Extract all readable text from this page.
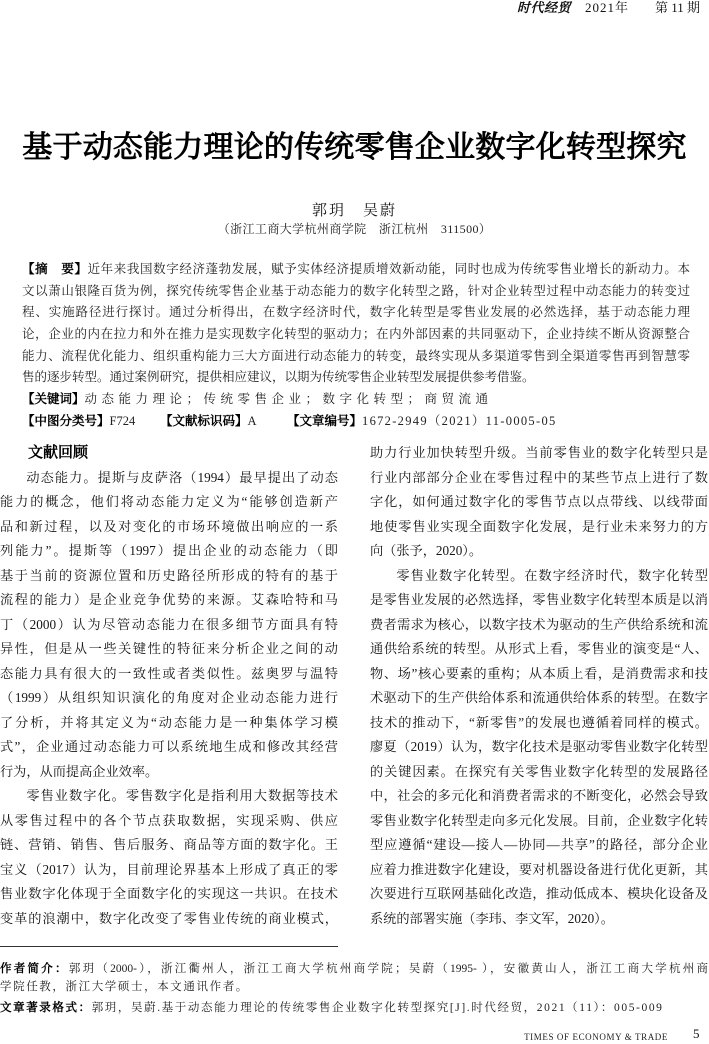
时代经贸 2021年 第 11 期
基于动态能力理论的传统零售企业数字化转型探究
郭玥　吴蔚
（浙江工商大学杭州商学院　浙江杭州　311500）
【摘　要】近年来我国数字经济蓬勃发展，赋予实体经济提质增效新动能，同时也成为传统零售业增长的新动力。本
文以萧山银隆百货为例，探究传统零售企业基于动态能力的数字化转型之路，针对企业转型过程中动态能力的转变过
程、实施路径进行探讨。通过分析得出，在数字经济时代，数字化转型是零售业发展的必然选择，基于动态能力理
论，企业的内在拉力和外在推力是实现数字化转型的驱动力；在内外部因素的共同驱动下，企业持续不断从资源整合
能力、流程优化能力、组织重构能力三大方面进行动态能力的转变，最终实现从多渠道零售到全渠道零售再到智慧零
售的逐步转型。通过案例研究，提供相应建议，以期为传统零售企业转型发展提供参考借鉴。
【关键词】动态能力理论；传统零售企业；数字化转型；商贸流通
【中图分类号】F724 【文献标识码】A 【文章编号】1672-2949（2021）11-0005-05
文献回顾
动态能力。提斯与皮萨洛（1994）最早提出了动态
能力的概念，他们将动态能力定义为“能够创造新产
品和新过程，以及对变化的市场环境做出响应的一系
列能力”。提斯等（1997）提出企业的动态能力（即
基于当前的资源位置和历史路径所形成的特有的基于
流程的能力）是企业竞争优势的来源。艾森哈特和马
丁（2000）认为尽管动态能力在很多细节方面具有特
异性，但是从一些关键性的特征来分析企业之间的动
态能力具有很大的一致性或者类似性。兹奥罗与温特
（1999）从组织知识演化的角度对企业动态能力进行
了分析，并将其定义为“动态能力是一种集体学习模
式”，企业通过动态能力可以系统地生成和修改其经营
行为，从而提高企业效率。
零售业数字化。零售数字化是指利用大数据等技术
从零售过程中的各个节点获取数据，实现采购、供应
链、营销、销售、售后服务、商品等方面的数字化。王
宝义（2017）认为，目前理论界基本上形成了真正的零
售业数字化体现于全面数字化的实现这一共识。在技术
变革的浪潮中，数字化改变了零售业传统的商业模式，
助力行业加快转型升级。当前零售业的数字化转型只是
行业内部部分企业在零售过程中的某些节点上进行了数
字化，如何通过数字化的零售节点以点带线、以线带面
地使零售业实现全面数字化发展，是行业未来努力的方
向（张予，2020）。
零售业数字化转型。在数字经济时代，数字化转型
是零售业发展的必然选择，零售业数字化转型本质是以消
费者需求为核心，以数字技术为驱动的生产供给系统和流
通供给系统的转型。从形式上看，零售业的演变是“人、
物、场”核心要素的重构；从本质上看，是消费需求和技
术驱动下的生产供给体系和流通供给体系的转型。在数字
技术的推动下，“新零售”的发展也遵循着同样的模式。
廖夏（2019）认为，数字化技术是驱动零售业数字化转型
的关键因素。在探究有关零售业数字化转型的发展路径
中，社会的多元化和消费者需求的不断变化，必然会导致
零售业数字化转型走向多元化发展。目前，企业数字化转
型应遵循“建设—接人—协同—共享”的路径，部分企业
应着力推进数字化建设，要对机器设备进行优化更新，其
次要进行互联网基础化改造，推动低成本、模块化设备及
系统的部署实施（李玮、李文军，2020）。
作者简介：郭玥（2000-），浙江衢州人，浙江工商大学杭州商学院；吴蔚（1995- ），安徽黄山人，浙江工商大学杭州商
学院任教，浙江大学硕士，本文通讯作者。
文章著录格式：郭玥，吴蔚.基于动态能力理论的传统零售企业数字化转型探究[J].时代经贸，2021（11）：005-009
TIMES OF ECONOMY & TRADE 5
